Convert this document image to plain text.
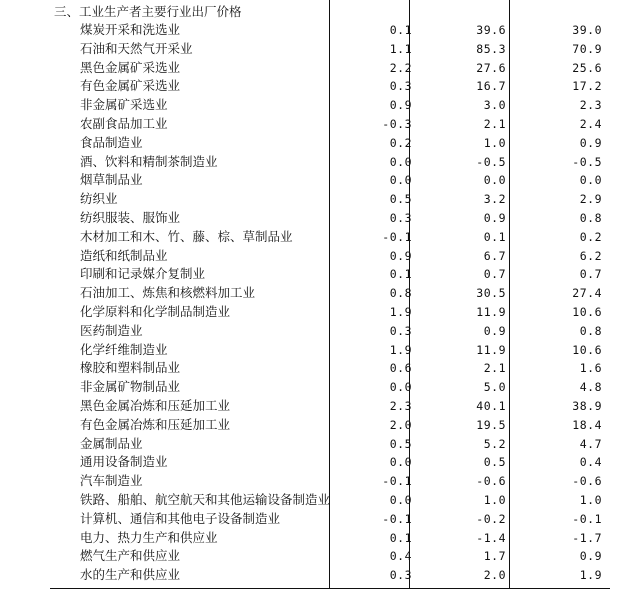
三、工业生产者主要行业出厂价格
煤炭开采和洗选业	0.1	39.6	39.0
石油和天然气开采业	1.1	85.3	70.9
黑色金属矿采选业	2.2	27.6	25.6
有色金属矿采选业	0.3	16.7	17.2
非金属矿采选业	0.9	3.0	2.3
农副食品加工业	-0.3	2.1	2.4
食品制造业	0.2	1.0	0.9
酒、饮料和精制茶制造业	0.0	-0.5	-0.5
烟草制品业	0.0	0.0	0.0
纺织业	0.5	3.2	2.9
纺织服装、服饰业	0.3	0.9	0.8
木材加工和木、竹、藤、棕、草制品业	-0.1	0.1	0.2
造纸和纸制品业	0.9	6.7	6.2
印刷和记录媒介复制业	0.1	0.7	0.7
石油加工、炼焦和核燃料加工业	0.8	30.5	27.4
化学原料和化学制品制造业	1.9	11.9	10.6
医药制造业	0.3	0.9	0.8
化学纤维制造业	1.9	11.9	10.6
橡胶和塑料制品业	0.6	2.1	1.6
非金属矿物制品业	0.0	5.0	4.8
黑色金属冶炼和压延加工业	2.3	40.1	38.9
有色金属冶炼和压延加工业	2.0	19.5	18.4
金属制品业	0.5	5.2	4.7
通用设备制造业	0.0	0.5	0.4
汽车制造业	-0.1	-0.6	-0.6
铁路、船舶、航空航天和其他运输设备制造业	0.0	1.0	1.0
计算机、通信和其他电子设备制造业	-0.1	-0.2	-0.1
电力、热力生产和供应业	0.1	-1.4	-1.7
燃气生产和供应业	0.4	1.7	0.9
水的生产和供应业	0.3	2.0	1.9
